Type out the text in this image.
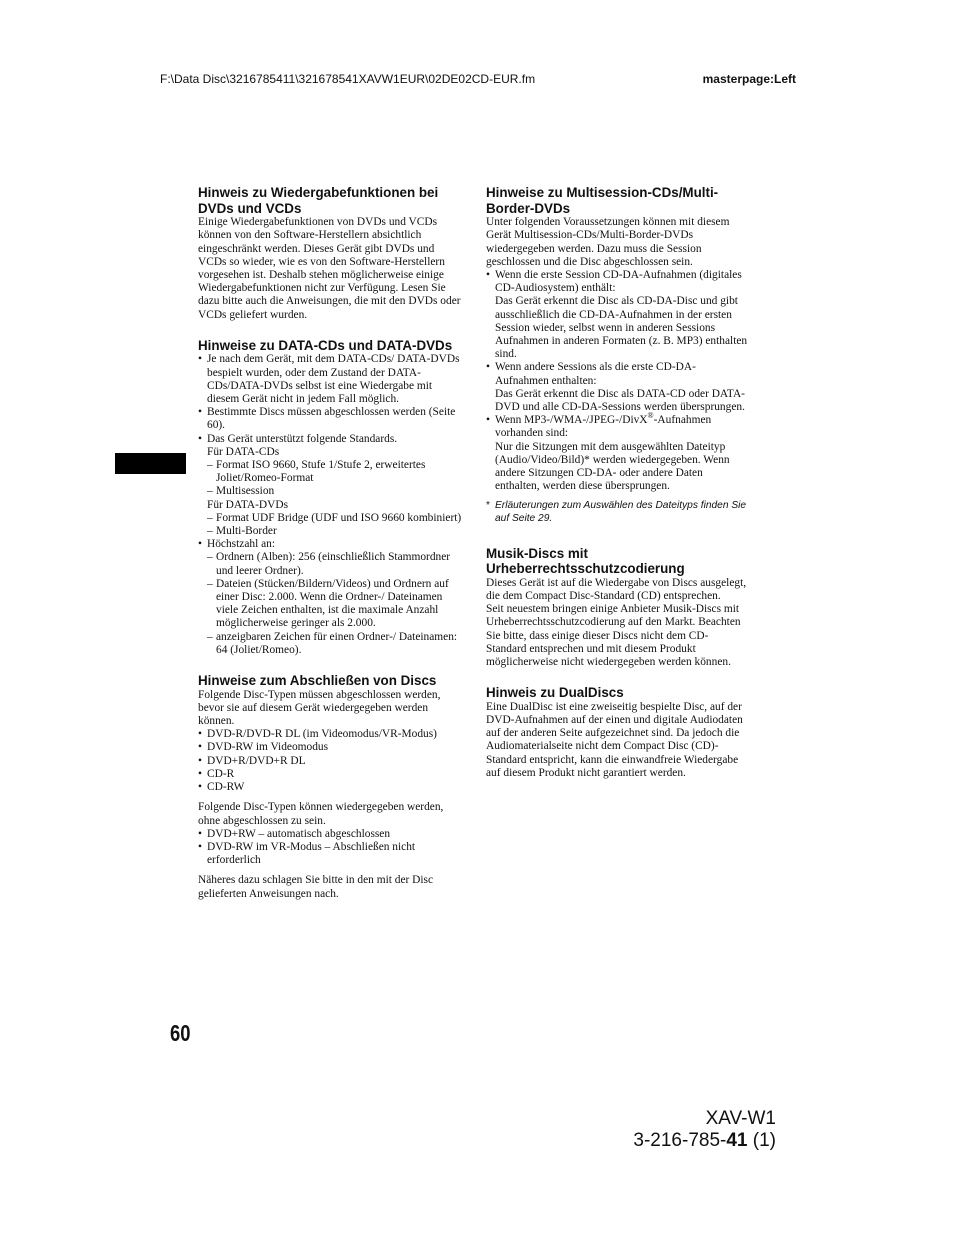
F:\Data Disc\3216785411\321678541XAVW1EUR\02DE02CD-EUR.fm	masterpage:Left
Hinweis zu Wiedergabefunktionen bei DVDs und VCDs

Einige Wiedergabefunktionen von DVDs und VCDs können von den Software-Herstellern absichtlich eingeschränkt werden. Dieses Gerät gibt DVDs und VCDs so wieder, wie es von den Software-Herstellern vorgesehen ist. Deshalb stehen möglicherweise einige Wiedergabefunktionen nicht zur Verfügung. Lesen Sie dazu bitte auch die Anweisungen, die mit den DVDs oder VCDs geliefert wurden.

Hinweise zu DATA-CDs und DATA-DVDs
• Je nach dem Gerät, mit dem DATA-CDs/ DATA-DVDs bespielt wurden, oder dem Zustand der DATA-CDs/DATA-DVDs selbst ist eine Wiedergabe mit diesem Gerät nicht in jedem Fall möglich.
• Bestimmte Discs müssen abgeschlossen werden (Seite 60).
• Das Gerät unterstützt folgende Standards.
Für DATA-CDs
– Format ISO 9660, Stufe 1/Stufe 2, erweitertes Joliet/Romeo-Format
– Multisession
Für DATA-DVDs
– Format UDF Bridge (UDF und ISO 9660 kombiniert)
– Multi-Border
• Höchstzahl an:
– Ordnern (Alben): 256 (einschließlich Stammordner und leerer Ordner).
– Dateien (Stücken/Bildern/Videos) und Ordnern auf einer Disc: 2.000. Wenn die Ordner-/ Dateinamen viele Zeichen enthalten, ist die maximale Anzahl möglicherweise geringer als 2.000.
– anzeigbaren Zeichen für einen Ordner-/ Dateinamen: 64 (Joliet/Romeo).
Hinweise zum Abschließen von Discs

Folgende Disc-Typen müssen abgeschlossen werden, bevor sie auf diesem Gerät wiedergegeben werden können.

• DVD-R/DVD-R DL (im Videomodus/VR-Modus)
• DVD-RW im Videomodus
• DVD+R/DVD+R DL
• CD-R
• CD-RW

Folgende Disc-Typen können wiedergegeben werden, ohne abgeschlossen zu sein.

• DVD+RW – automatisch abgeschlossen
• DVD-RW im VR-Modus – Abschließen nicht erforderlich

Näheres dazu schlagen Sie bitte in den mit der Disc gelieferten Anweisungen nach.

Hinweise zu Multisession-CDs/Multi-Border-DVDs

Unter folgenden Voraussetzungen können mit diesem Gerät Multisession-CDs/Multi-Border-DVDs wiedergegeben werden. Dazu muss die Session geschlossen und die Disc abgeschlossen sein.

• Wenn die erste Session CD-DA-Aufnahmen (digitales CD-Audiosystem) enthält:
Das Gerät erkennt die Disc als CD-DA-Disc und gibt ausschließlich die CD-DA-Aufnahmen in der ersten Session wieder, selbst wenn in anderen Sessions Aufnahmen in anderen Formaten (z. B. MP3) enthalten sind.
• Wenn andere Sessions als die erste CD-DA-Aufnahmen enthalten:
Das Gerät erkennt die Disc als DATA-CD oder DATA-DVD und alle CD-DA-Sessions werden übersprungen.
• Wenn MP3-/WMA-/JPEG-/DivX®-Aufnahmen vorhanden sind:
Nur die Sitzungen mit dem ausgewählten Dateityp (Audio/Video/Bild)* werden wiedergegeben. Wenn andere Sitzungen CD-DA- oder andere Daten enthalten, werden diese übersprungen.
* Erläuterungen zum Auswählen des Dateityps finden Sie auf Seite 29.
Musik-Discs mit Urheberrechtsschutzcodierung

Dieses Gerät ist auf die Wiedergabe von Discs ausgelegt, die dem Compact Disc-Standard (CD) entsprechen.

Seit neuestem bringen einige Anbieter Musik-Discs mit Urheberrechtsschutzcodierung auf den Markt. Beachten Sie bitte, dass einige dieser Discs nicht dem CD-Standard entsprechen und mit diesem Produkt möglicherweise nicht wiedergegeben werden können.

Hinweis zu DualDiscs

Eine DualDisc ist eine zweiseitig bespielte Disc, auf der DVD-Aufnahmen auf der einen und digitale Audiodaten auf der anderen Seite aufgezeichnet sind. Da jedoch die Audiomaterialseite nicht dem Compact Disc (CD)-Standard entspricht, kann die einwandfreie Wiedergabe auf diesem Produkt nicht garantiert werden.

60
XAV-W1
3-216-785-41 (1)
